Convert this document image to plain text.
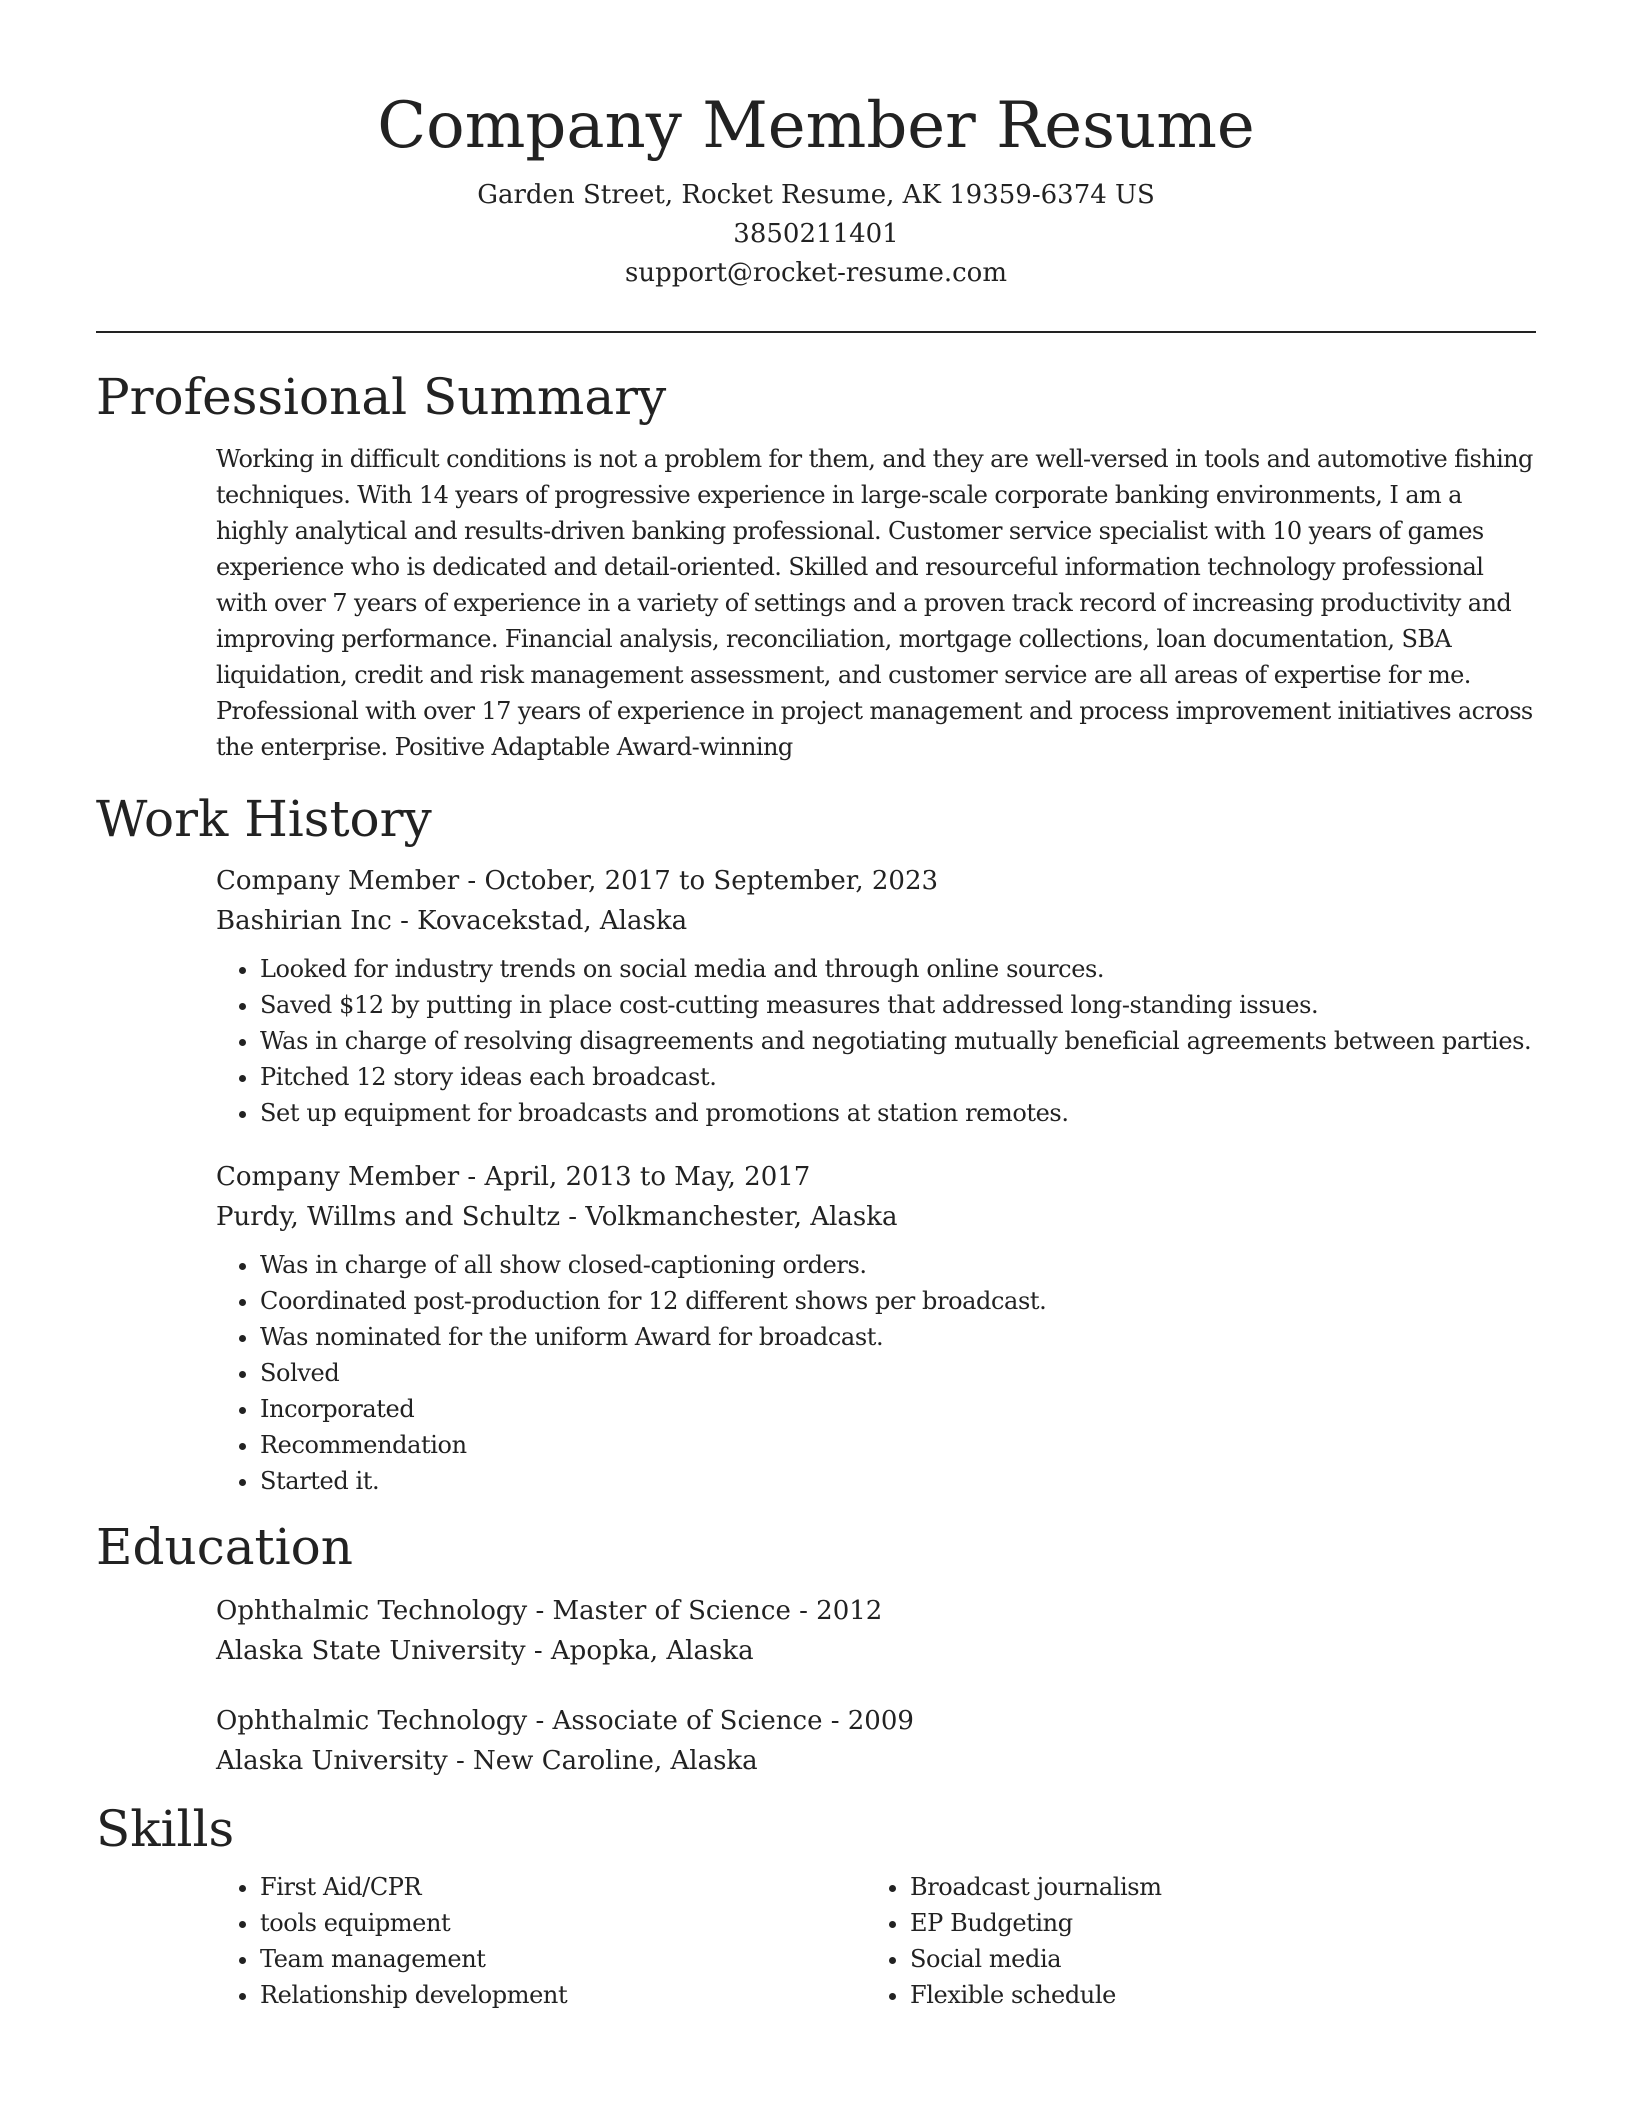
Company Member Resume

Garden Street, Rocket Resume, AK 19359-6374 US

3850211401

support@rocket-resume.com

Professional Summary

Working in difficult conditions is not a problem for them, and they are well-versed in tools and automotive fishing techniques. With 14 years of progressive experience in large-scale corporate banking environments, I am a highly analytical and results-driven banking professional. Customer service specialist with 10 years of games experience who is dedicated and detail-oriented. Skilled and resourceful information technology professional with over 7 years of experience in a variety of settings and a proven track record of increasing productivity and improving performance. Financial analysis, reconciliation, mortgage collections, loan documentation, SBA liquidation, credit and risk management assessment, and customer service are all areas of expertise for me. Professional with over 17 years of experience in project management and process improvement initiatives across the enterprise. Positive Adaptable Award-winning

Work History

Company Member - October, 2017 to September, 2023

Bashirian Inc - Kovacekstad, Alaska

• Looked for industry trends on social media and through online sources.
• Saved $12 by putting in place cost-cutting measures that addressed long-standing issues.
• Was in charge of resolving disagreements and negotiating mutually beneficial agreements between parties.
• Pitched 12 story ideas each broadcast.
• Set up equipment for broadcasts and promotions at station remotes.

Company Member - April, 2013 to May, 2017

Purdy, Willms and Schultz - Volkmanchester, Alaska

• Was in charge of all show closed-captioning orders.
• Coordinated post-production for 12 different shows per broadcast.
• Was nominated for the uniform Award for broadcast.
• Solved
• Incorporated
• Recommendation
• Started it.
Education

Ophthalmic Technology - Master of Science - 2012

Alaska State University - Apopka, Alaska

Ophthalmic Technology - Associate of Science - 2009

Alaska University - New Caroline, Alaska

Skills
• First Aid/CPR
• tools equipment
• Team management
• Relationship development
• Broadcast journalism
• EP Budgeting
• Social media
• Flexible schedule
